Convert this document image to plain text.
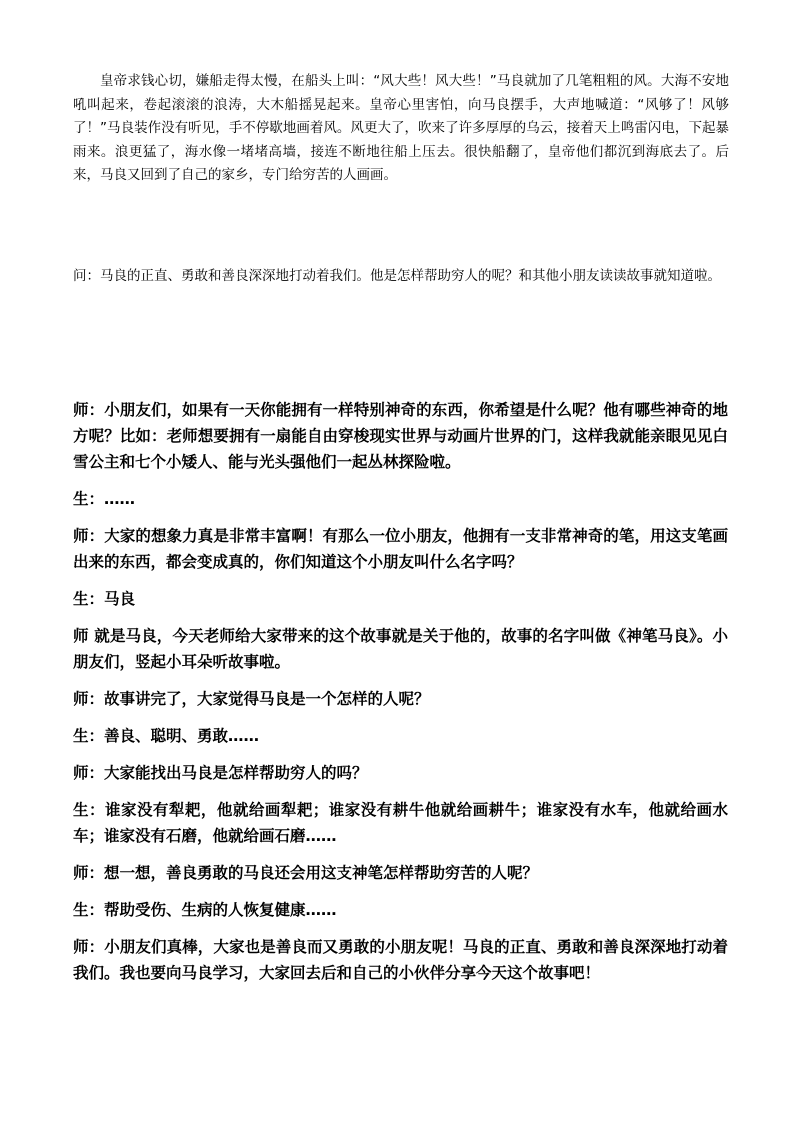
皇帝求钱心切，嫌船走得太慢，在船头上叫：“风大些！风大些！”马良就加了几笔粗粗的风。大海不安地吼叫起来，卷起滚滚的浪涛，大木船摇晃起来。皇帝心里害怕，向马良摆手，大声地喊道：“风够了！风够了！”马良装作没有听见，手不停歇地画着风。风更大了，吹来了许多厚厚的乌云，接着天上鸣雷闪电，下起暴雨来。浪更猛了，海水像一堵堵高墙，接连不断地往船上压去。很快船翻了，皇帝他们都沉到海底去了。后来，马良又回到了自己的家乡，专门给穷苦的人画画。

问：马良的正直、勇敢和善良深深地打动着我们。他是怎样帮助穷人的呢？和其他小朋友读读故事就知道啦。

师：小朋友们，如果有一天你能拥有一样特别神奇的东西，你希望是什么呢？他有哪些神奇的地方呢？比如：老师想要拥有一扇能自由穿梭现实世界与动画片世界的门，这样我就能亲眼见见白雪公主和七个小矮人、能与光头强他们一起丛林探险啦。

生：……

师：大家的想象力真是非常丰富啊！有那么一位小朋友，他拥有一支非常神奇的笔，用这支笔画出来的东西，都会变成真的，你们知道这个小朋友叫什么名字吗？

生：马良

师 就是马良，今天老师给大家带来的这个故事就是关于他的，故事的名字叫做《神笔马良》。小朋友们，竖起小耳朵听故事啦。

师：故事讲完了，大家觉得马良是一个怎样的人呢？

生：善良、聪明、勇敢……

师：大家能找出马良是怎样帮助穷人的吗？

生：谁家没有犁耙，他就给画犁耙；谁家没有耕牛他就给画耕牛；谁家没有水车，他就给画水车；谁家没有石磨，他就给画石磨……

师：想一想，善良勇敢的马良还会用这支神笔怎样帮助穷苦的人呢？

生：帮助受伤、生病的人恢复健康……

师：小朋友们真棒，大家也是善良而又勇敢的小朋友呢！马良的正直、勇敢和善良深深地打动着我们。我也要向马良学习，大家回去后和自己的小伙伴分享今天这个故事吧！
